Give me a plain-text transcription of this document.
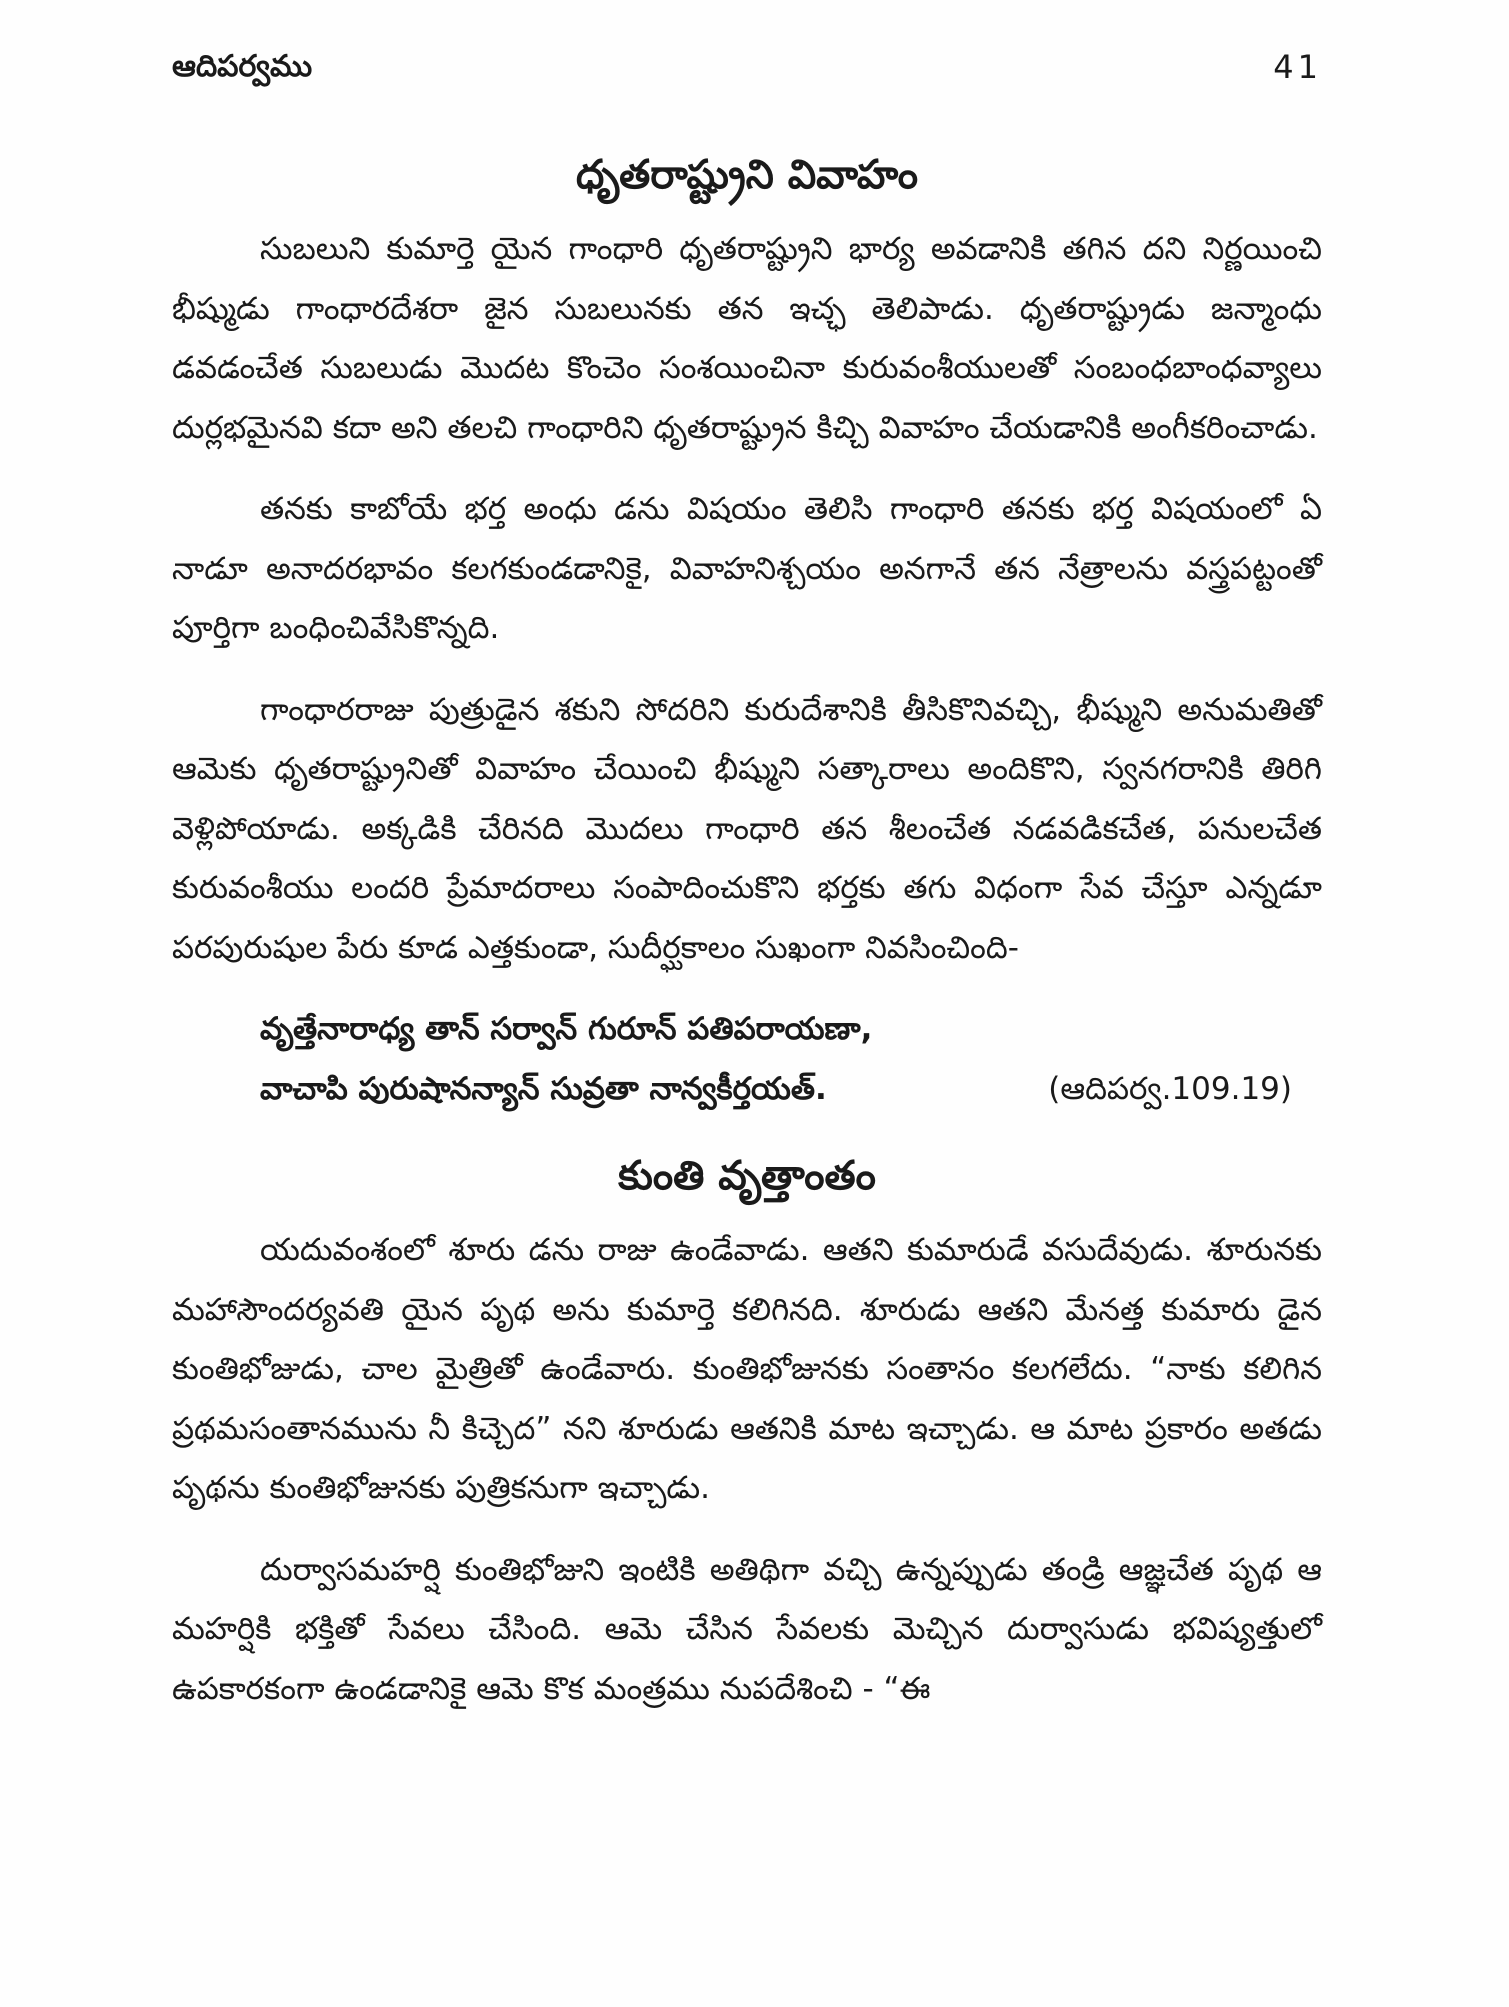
ఆదిపర్వము	41
ధృతరాష్ట్రుని వివాహం

సుబలుని కుమార్తె యైన గాంధారి ధృతరాష్ట్రుని భార్య అవడానికి తగిన దని నిర్ణయించి భీష్ముడు గాంధారదేశరా జైన సుబలునకు తన ఇచ్ఛ తెలిపాడు. ధృతరాష్ట్రుడు జన్మాంధు డవడంచేత సుబలుడు మొదట కొంచెం సంశయించినా కురువంశీయులతో సంబంధబాంధవ్యాలు దుర్లభమైనవి కదా అని తలచి గాంధారిని ధృతరాష్ట్రున కిచ్చి వివాహం చేయడానికి అంగీకరించాడు.

తనకు కాబోయే భర్త అంధు డను విషయం తెలిసి గాంధారి తనకు భర్త విషయంలో ఏ నాడూ అనాదరభావం కలగకుండడానికై, వివాహనిశ్చయం అనగానే తన నేత్రాలను వస్త్రపట్టంతో పూర్తిగా బంధించివేసికొన్నది.

గాంధారరాజు పుత్రుడైన శకుని సోదరిని కురుదేశానికి తీసికొనివచ్చి, భీష్ముని అనుమతితో ఆమెకు ధృతరాష్ట్రునితో వివాహం చేయించి భీష్ముని సత్కారాలు అందికొని, స్వనగరానికి తిరిగి వెళ్లిపోయాడు. అక్కడికి చేరినది మొదలు గాంధారి తన శీలంచేత నడవడికచేత, పనులచేత కురువంశీయు లందరి ప్రేమాదరాలు సంపాదించుకొని భర్తకు తగు విధంగా సేవ చేస్తూ ఎన్నడూ పరపురుషుల పేరు కూడ ఎత్తకుండా, సుదీర్ఘకాలం సుఖంగా నివసించింది-

వృత్తేనారాధ్య తాన్ సర్వాన్ గురూన్ పతిపరాయణా,
వాచాపి పురుషానన్యాన్ సువ్రతా నాన్వకీర్తయత్.	(ఆదిపర్వ.109.19)
కుంతి వృత్తాంతం

యదువంశంలో శూరు డను రాజు ఉండేవాడు. ఆతని కుమారుడే వసుదేవుడు. శూరునకు మహాసౌందర్యవతి యైన పృథ అను కుమార్తె కలిగినది. శూరుడు ఆతని మేనత్త కుమారు డైన కుంతిభోజుడు, చాల మైత్రితో ఉండేవారు. కుంతిభోజునకు సంతానం కలగలేదు. “నాకు కలిగిన ప్రథమసంతానమును నీ కిచ్చెద” నని శూరుడు ఆతనికి మాట ఇచ్చాడు. ఆ మాట ప్రకారం అతడు పృథను కుంతిభోజునకు పుత్రికనుగా ఇచ్చాడు.

దుర్వాసమహర్షి కుంతిభోజుని ఇంటికి అతిథిగా వచ్చి ఉన్నప్పుడు తండ్రి ఆజ్ఞచేత పృథ ఆ మహర్షికి భక్తితో సేవలు చేసింది. ఆమె చేసిన సేవలకు మెచ్చిన దుర్వాసుడు భవిష్యత్తులో ఉపకారకంగా ఉండడానికై ఆమె కొక మంత్రము నుపదేశించి - “ఈ
